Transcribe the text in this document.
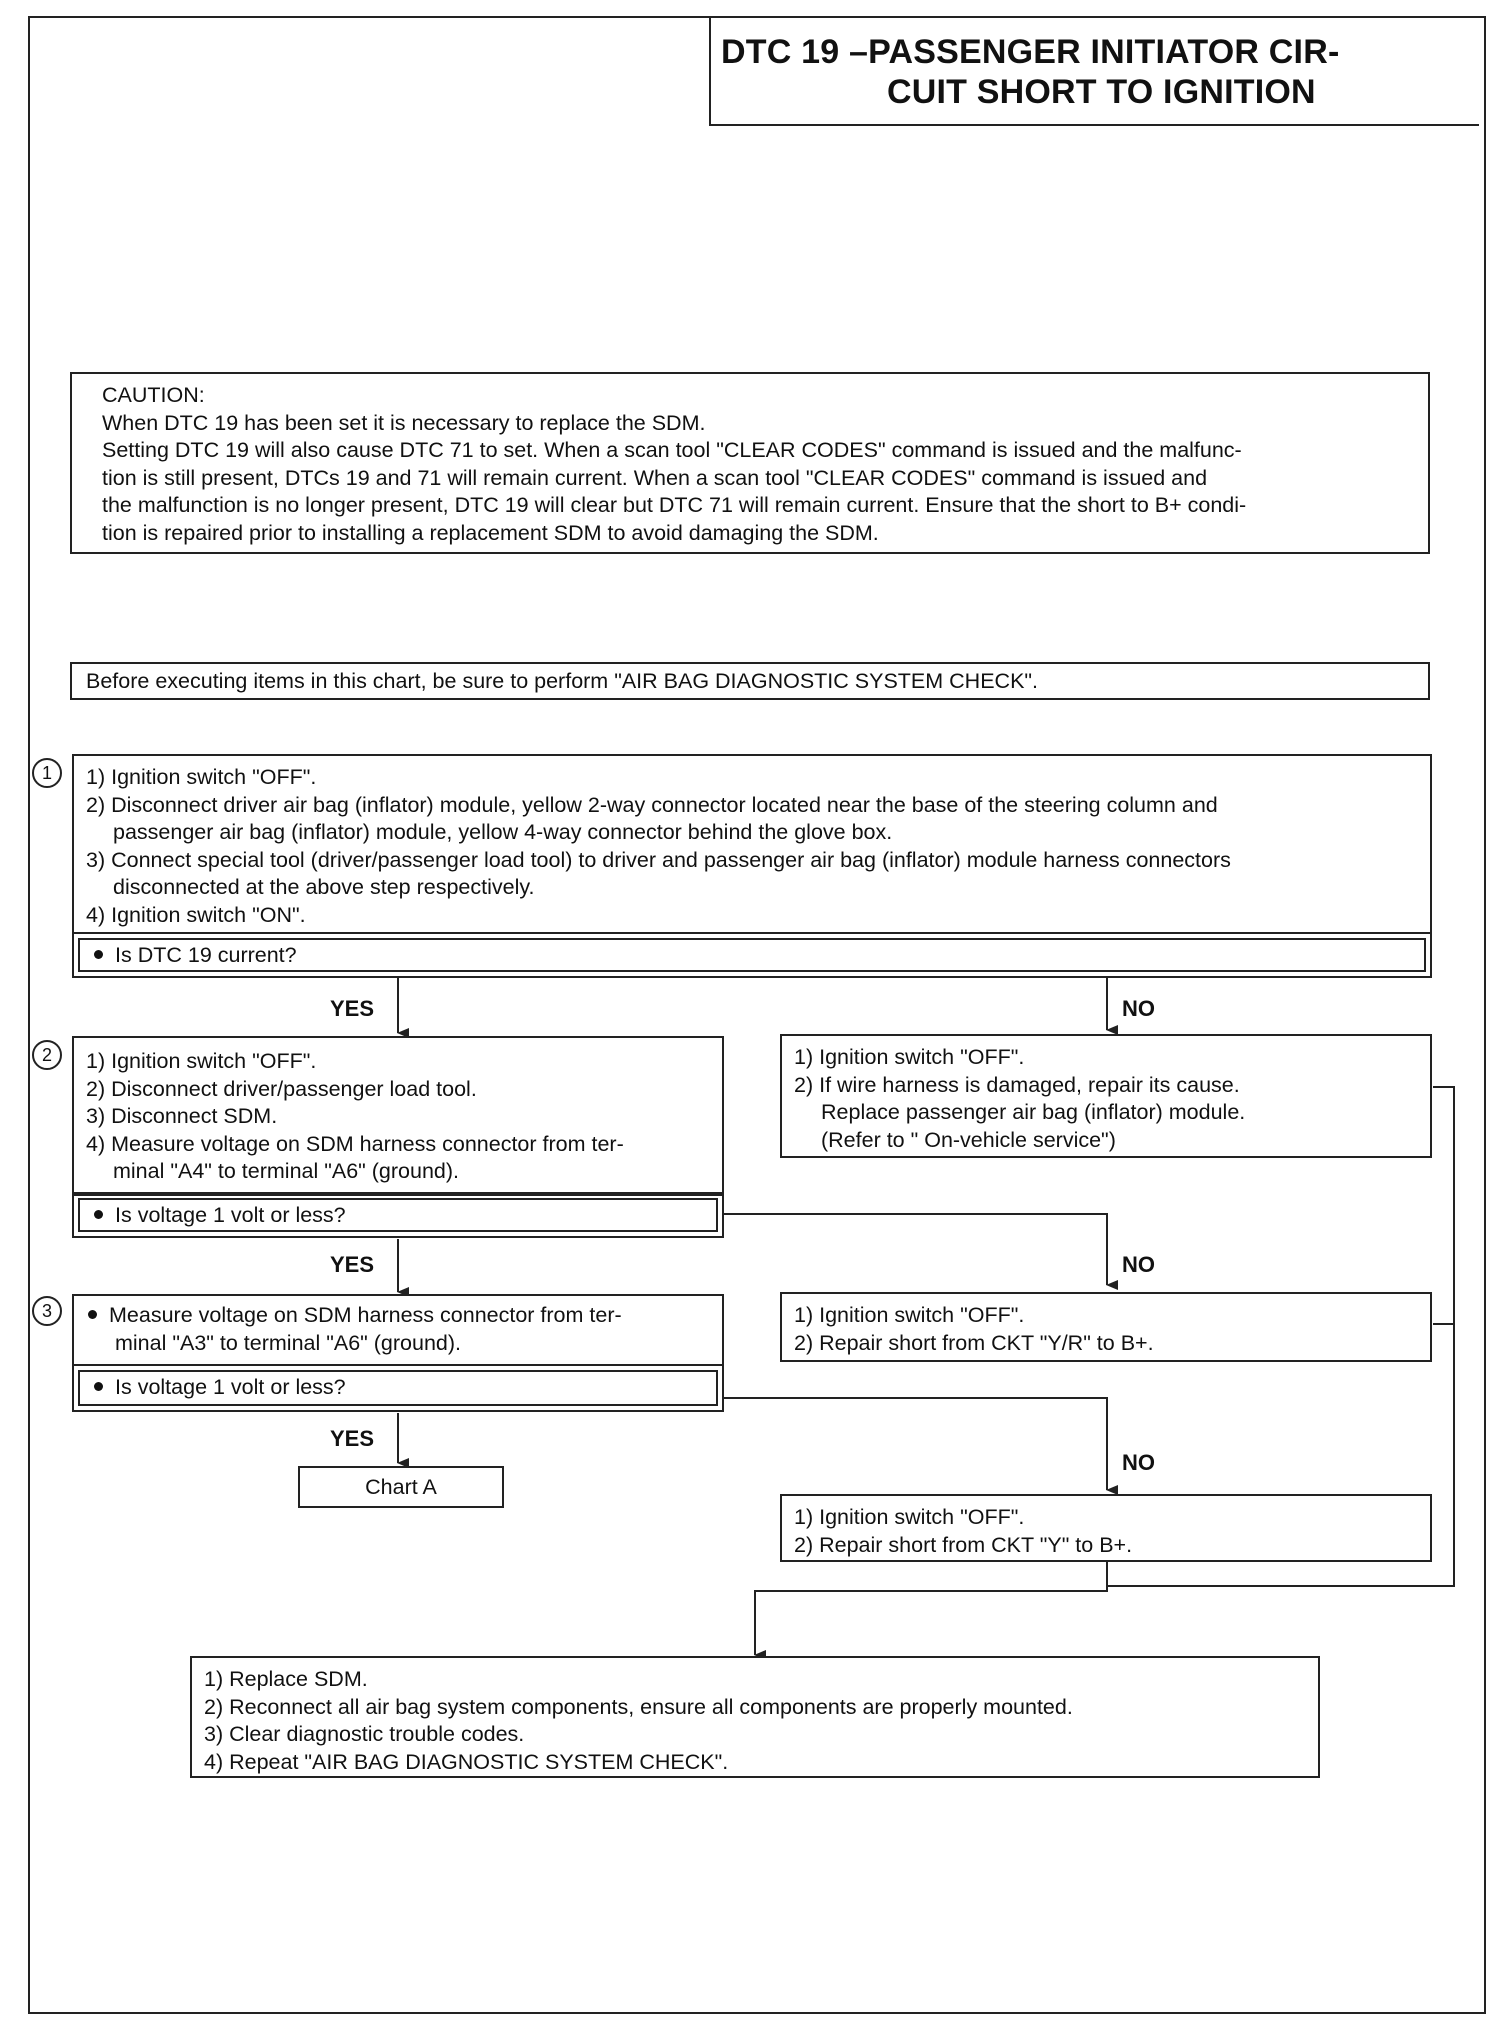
DTC 19 –PASSENGER INITIATOR CIR-
CUIT SHORT TO IGNITION
CAUTION:
When DTC 19 has been set it is necessary to replace the SDM.
Setting DTC 19 will also cause DTC 71 to set. When a scan tool "CLEAR CODES" command is issued and the malfunc-
tion is still present, DTCs 19 and 71 will remain current. When a scan tool "CLEAR CODES" command is issued and
the malfunction is no longer present, DTC 19 will clear but DTC 71 will remain current. Ensure that the short to B+ condi-
tion is repaired prior to installing a replacement SDM to avoid damaging the SDM.
Before executing items in this chart, be sure to perform "AIR BAG DIAGNOSTIC SYSTEM CHECK".
1	1) Ignition switch "OFF".
2) Disconnect driver air bag (inflator) module, yellow 2-way connector located near the base of the steering column and
passenger air bag (inflator) module, yellow 4-way connector behind the glove box.
3) Connect special tool (driver/passenger load tool) to driver and passenger air bag (inflator) module harness connectors
disconnected at the above step respectively.
4) Ignition switch "ON".
Is DTC 19 current?
YES	NO
2	1) Ignition switch "OFF".
2) Disconnect driver/passenger load tool.
3) Disconnect SDM.
4) Measure voltage on SDM harness connector from ter-
minal "A4" to terminal "A6" (ground).
Is voltage 1 volt or less?
1) Ignition switch "OFF".
2) If wire harness is damaged, repair its cause.
Replace passenger air bag (inflator) module.
(Refer to " On-vehicle service")
YES	NO
3	Measure voltage on SDM harness connector from ter-
minal "A3" to terminal "A6" (ground).
Is voltage 1 volt or less?
1) Ignition switch "OFF".
2) Repair short from CKT "Y/R" to B+.
YES
NO
Chart A
1) Ignition switch "OFF".
2) Repair short from CKT "Y" to B+.
1) Replace SDM.
2) Reconnect all air bag system components, ensure all components are properly mounted.
3) Clear diagnostic trouble codes.
4) Repeat "AIR BAG DIAGNOSTIC SYSTEM CHECK".
